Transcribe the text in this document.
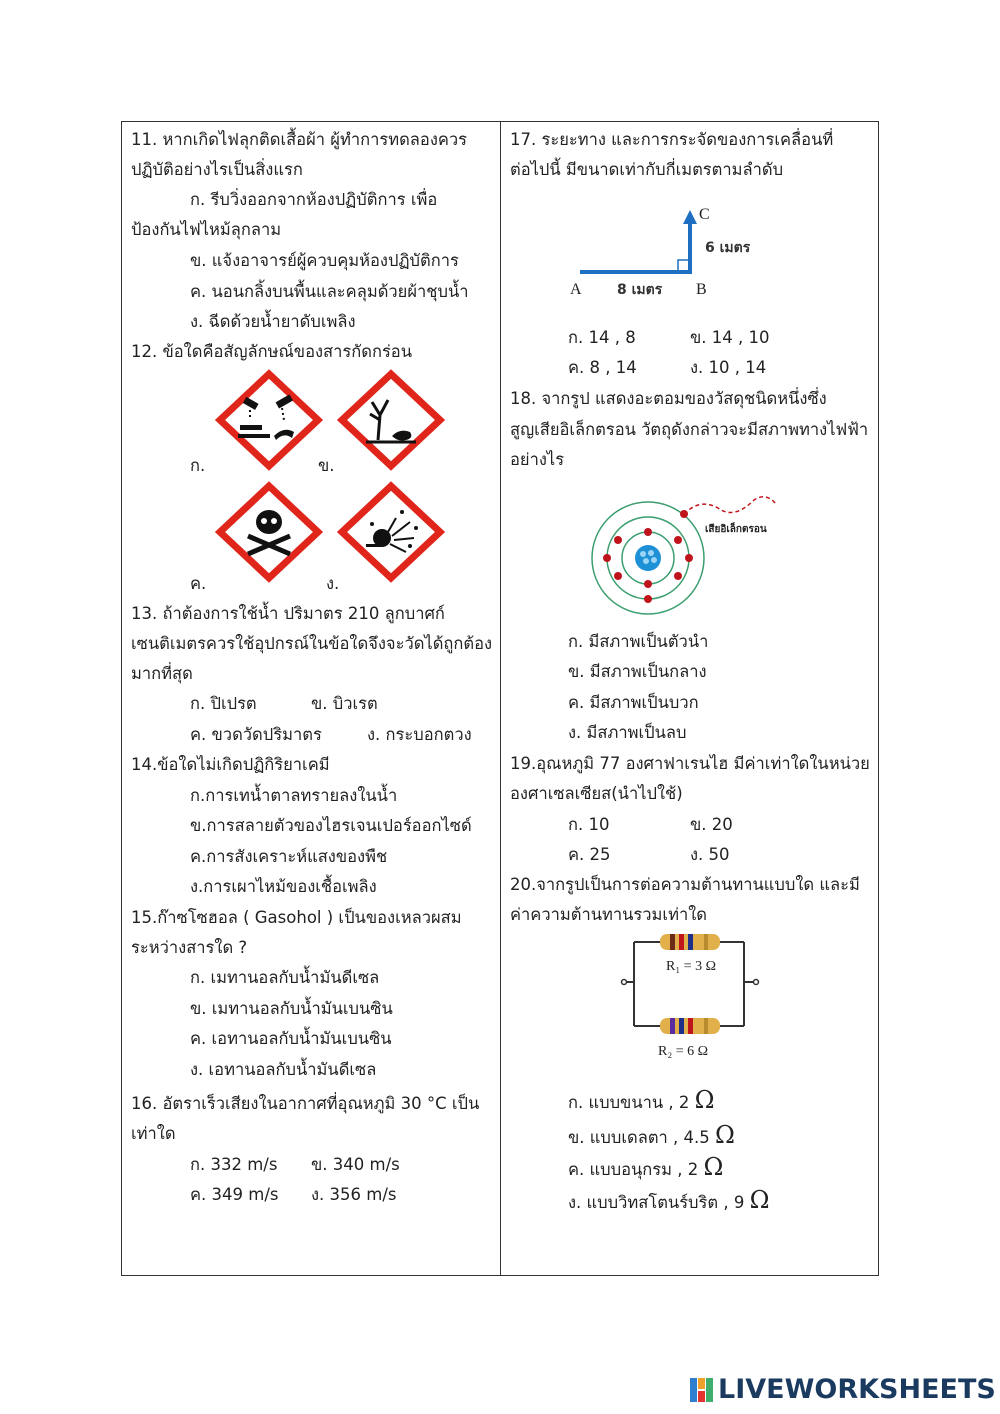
11. หากเกิดไฟลุกติดเสื้อผ้า ผู้ทำการทดลองควร
ปฏิบัติอย่างไรเป็นสิ่งแรก
ก. รีบวิ่งออกจากห้องปฏิบัติการ เพื่อ
ป้องกันไฟไหม้ลุกลาม
ข. แจ้งอาจารย์ผู้ควบคุมห้องปฏิบัติการ
ค. นอนกลิ้งบนพื้นและคลุมด้วยผ้าชุบน้ำ
ง. ฉีดด้วยน้ำยาดับเพลิง
12. ข้อใดคือสัญลักษณ์ของสารกัดกร่อน
ก.	ข.
ค.	ง.
13. ถ้าต้องการใช้น้ำ ปริมาตร 210 ลูกบาศก์
เซนติเมตรควรใช้อุปกรณ์ในข้อใดจึงจะวัดได้ถูกต้อง
มากที่สุด
ก. ปิเปรต	ข. บิวเรต
ค. ขวดวัดปริมาตร	ง. กระบอกตวง
14.ข้อใดไม่เกิดปฏิกิริยาเคมี
ก.การเทน้ำตาลทรายลงในน้ำ
ข.การสลายตัวของไฮรเจนเปอร์ออกไซด์
ค.การสังเคราะห์แสงของพืช
ง.การเผาไหม้ของเชื้อเพลิง
15.ก๊าซโซฮอล ( Gasohol ) เป็นของเหลวผสม
ระหว่างสารใด ?
ก. เมทานอลกับน้ำมันดีเซล
ข. เมทานอลกับน้ำมันเบนซิน
ค. เอทานอลกับน้ำมันเบนซิน
ง. เอทานอลกับน้ำมันดีเซล
16. อัตราเร็วเสียงในอากาศที่อุณหภูมิ 30 °C เป็น
เท่าใด
ก. 332 m/s ข. 340 m/s
ค. 349 m/s ง. 356 m/s
17. ระยะทาง และการกระจัดของการเคลื่อนที่
ต่อไปนี้ มีขนาดเท่ากับกี่เมตรตามลำดับ
A	8 เมตร B
C
6 เมตร
ก. 14 , 8	ข. 14 , 10
ค. 8 , 14	ง. 10 , 14
18. จากรูป แสดงอะตอมของวัสดุชนิดหนึ่งซึ่ง
สูญเสียอิเล็กตรอน วัตถุดังกล่าวจะมีสภาพทางไฟฟ้า
อย่างไร
เสียอิเล็กตรอน
ก. มีสภาพเป็นตัวนำ
ข. มีสภาพเป็นกลาง
ค. มีสภาพเป็นบวก
ง. มีสภาพเป็นลบ
19.อุณหภูมิ 77 องศาฟาเรนไฮ มีค่าเท่าใดในหน่วย
องศาเซลเซียส(นำไปใช้)
ก. 10	ข. 20
ค. 25	ง. 50
20.จากรูปเป็นการต่อความต้านทานแบบใด และมี
ค่าความต้านทานรวมเท่าใด
R₁ = 3 Ω
R₂ = 6 Ω
ก. แบบขนาน , 2 Ω
ข. แบบเดลตา , 4.5 Ω
ค. แบบอนุกรม , 2 Ω
ง. แบบวิทสโตนร์บริต , 9 Ω
LIVEWORKSHEETS
